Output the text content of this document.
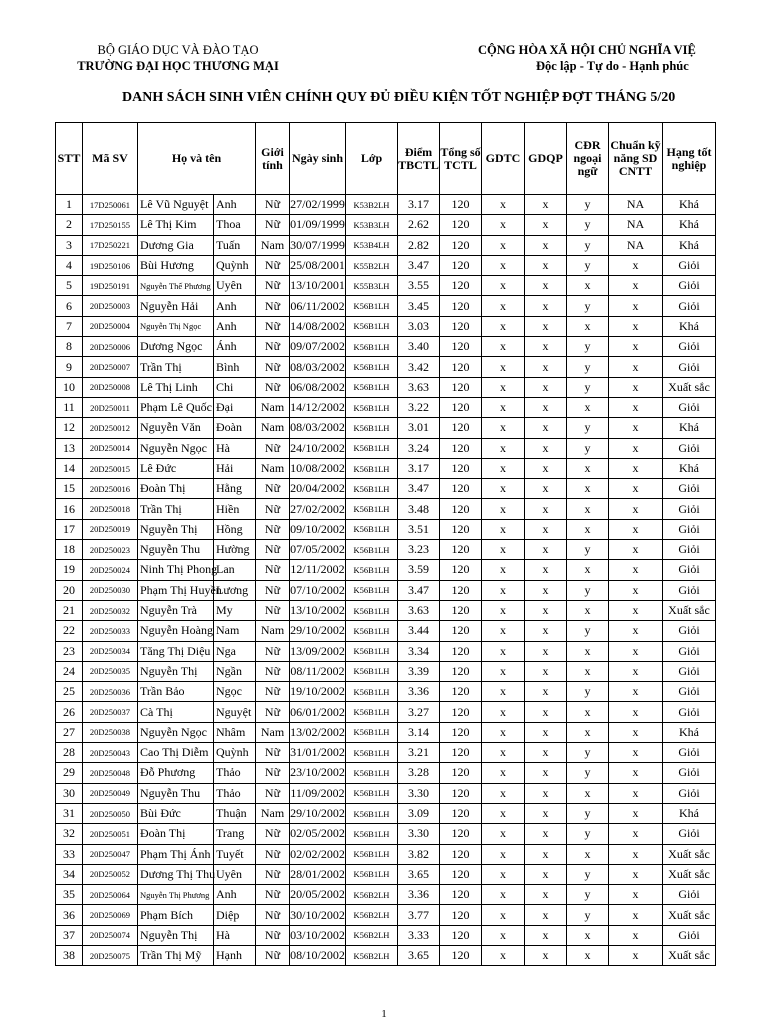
BỘ GIÁO DỤC VÀ ĐÀO TẠO
TRƯỜNG ĐẠI HỌC THƯƠNG MẠI
CỘNG HÒA XÃ HỘI CHỦ NGHĨA VIỆ
Độc lập - Tự do - Hạnh phúc
DANH SÁCH SINH VIÊN CHÍNH QUY ĐỦ ĐIỀU KIỆN TỐT NGHIỆP ĐỢT THÁNG 5/20
STT	Mã SV	Họ và tên		Giới tính	Ngày sinh	Lớp	Điểm TBCTL	Tổng số TCTL	GDTC	GDQP	CĐR ngoại ngữ	Chuẩn kỹ năng SD CNTT	Hạng tốt nghiệp
1	17D250061	Lê Vũ Nguyệt	Anh	Nữ	27/02/1999	K53B2LH	3.17	120	x	x	y	NA	Khá
2	17D250155	Lê Thị Kim	Thoa	Nữ	01/09/1999	K53B3LH	2.62	120	x	x	y	NA	Khá
3	17D250221	Dương Gia	Tuấn	Nam	30/07/1999	K53B4LH	2.82	120	x	x	y	NA	Khá
4	19D250106	Bùi Hương	Quỳnh	Nữ	25/08/2001	K55B2LH	3.47	120	x	x	y	x	Giỏi
5	19D250191	Nguyễn Thế Phương	Uyên	Nữ	13/10/2001	K55B3LH	3.55	120	x	x	x	x	Giỏi
6	20D250003	Nguyễn Hải	Anh	Nữ	06/11/2002	K56B1LH	3.45	120	x	x	y	x	Giỏi
7	20D250004	Nguyễn Thị Ngọc	Anh	Nữ	14/08/2002	K56B1LH	3.03	120	x	x	x	x	Khá
8	20D250006	Dương Ngọc	Ánh	Nữ	09/07/2002	K56B1LH	3.40	120	x	x	y	x	Giỏi
9	20D250007	Trần Thị	Bình	Nữ	08/03/2002	K56B1LH	3.42	120	x	x	y	x	Giỏi
10	20D250008	Lê Thị Linh	Chi	Nữ	06/08/2002	K56B1LH	3.63	120	x	x	y	x	Xuất sắc
11	20D250011	Phạm Lê Quốc	Đại	Nam	14/12/2002	K56B1LH	3.22	120	x	x	x	x	Giỏi
12	20D250012	Nguyễn Văn	Đoàn	Nam	08/03/2002	K56B1LH	3.01	120	x	x	y	x	Khá
13	20D250014	Nguyễn Ngọc	Hà	Nữ	24/10/2002	K56B1LH	3.24	120	x	x	y	x	Giỏi
14	20D250015	Lê Đức	Hải	Nam	10/08/2002	K56B1LH	3.17	120	x	x	x	x	Khá
15	20D250016	Đoàn Thị	Hằng	Nữ	20/04/2002	K56B1LH	3.47	120	x	x	x	x	Giỏi
16	20D250018	Trần Thị	Hiền	Nữ	27/02/2002	K56B1LH	3.48	120	x	x	x	x	Giỏi
17	20D250019	Nguyễn Thị	Hồng	Nữ	09/10/2002	K56B1LH	3.51	120	x	x	x	x	Giỏi
18	20D250023	Nguyễn Thu	Hường	Nữ	07/05/2002	K56B1LH	3.23	120	x	x	y	x	Giỏi
19	20D250024	Ninh Thị Phong	Lan	Nữ	12/11/2002	K56B1LH	3.59	120	x	x	x	x	Giỏi
20	20D250030	Phạm Thị Huyền	Lương	Nữ	07/10/2002	K56B1LH	3.47	120	x	x	y	x	Giỏi
21	20D250032	Nguyễn Trà	My	Nữ	13/10/2002	K56B1LH	3.63	120	x	x	x	x	Xuất sắc
22	20D250033	Nguyễn Hoàng	Nam	Nam	29/10/2002	K56B1LH	3.44	120	x	x	y	x	Giỏi
23	20D250034	Tăng Thị Diệu	Nga	Nữ	13/09/2002	K56B1LH	3.34	120	x	x	x	x	Giỏi
24	20D250035	Nguyễn Thị	Ngần	Nữ	08/11/2002	K56B1LH	3.39	120	x	x	x	x	Giỏi
25	20D250036	Trần Bảo	Ngọc	Nữ	19/10/2002	K56B1LH	3.36	120	x	x	y	x	Giỏi
26	20D250037	Cà Thị	Nguyệt	Nữ	06/01/2002	K56B1LH	3.27	120	x	x	x	x	Giỏi
27	20D250038	Nguyễn Ngọc	Nhâm	Nam	13/02/2002	K56B1LH	3.14	120	x	x	x	x	Khá
28	20D250043	Cao Thị Diễm	Quỳnh	Nữ	31/01/2002	K56B1LH	3.21	120	x	x	y	x	Giỏi
29	20D250048	Đỗ Phương	Thảo	Nữ	23/10/2002	K56B1LH	3.28	120	x	x	y	x	Giỏi
30	20D250049	Nguyễn Thu	Thảo	Nữ	11/09/2002	K56B1LH	3.30	120	x	x	x	x	Giỏi
31	20D250050	Bùi Đức	Thuận	Nam	29/10/2002	K56B1LH	3.09	120	x	x	y	x	Khá
32	20D250051	Đoàn Thị	Trang	Nữ	02/05/2002	K56B1LH	3.30	120	x	x	y	x	Giỏi
33	20D250047	Phạm Thị Ánh	Tuyết	Nữ	02/02/2002	K56B1LH	3.82	120	x	x	x	x	Xuất sắc
34	20D250052	Dương Thị Thu	Uyên	Nữ	28/01/2002	K56B1LH	3.65	120	x	x	y	x	Xuất sắc
35	20D250064	Nguyễn Thị Phương	Anh	Nữ	20/05/2002	K56B2LH	3.36	120	x	x	y	x	Giỏi
36	20D250069	Phạm Bích	Diệp	Nữ	30/10/2002	K56B2LH	3.77	120	x	x	y	x	Xuất sắc
37	20D250074	Nguyễn Thị	Hà	Nữ	03/10/2002	K56B2LH	3.33	120	x	x	x	x	Giỏi
38	20D250075	Trần Thị Mỹ	Hạnh	Nữ	08/10/2002	K56B2LH	3.65	120	x	x	x	x	Xuất sắc
1
